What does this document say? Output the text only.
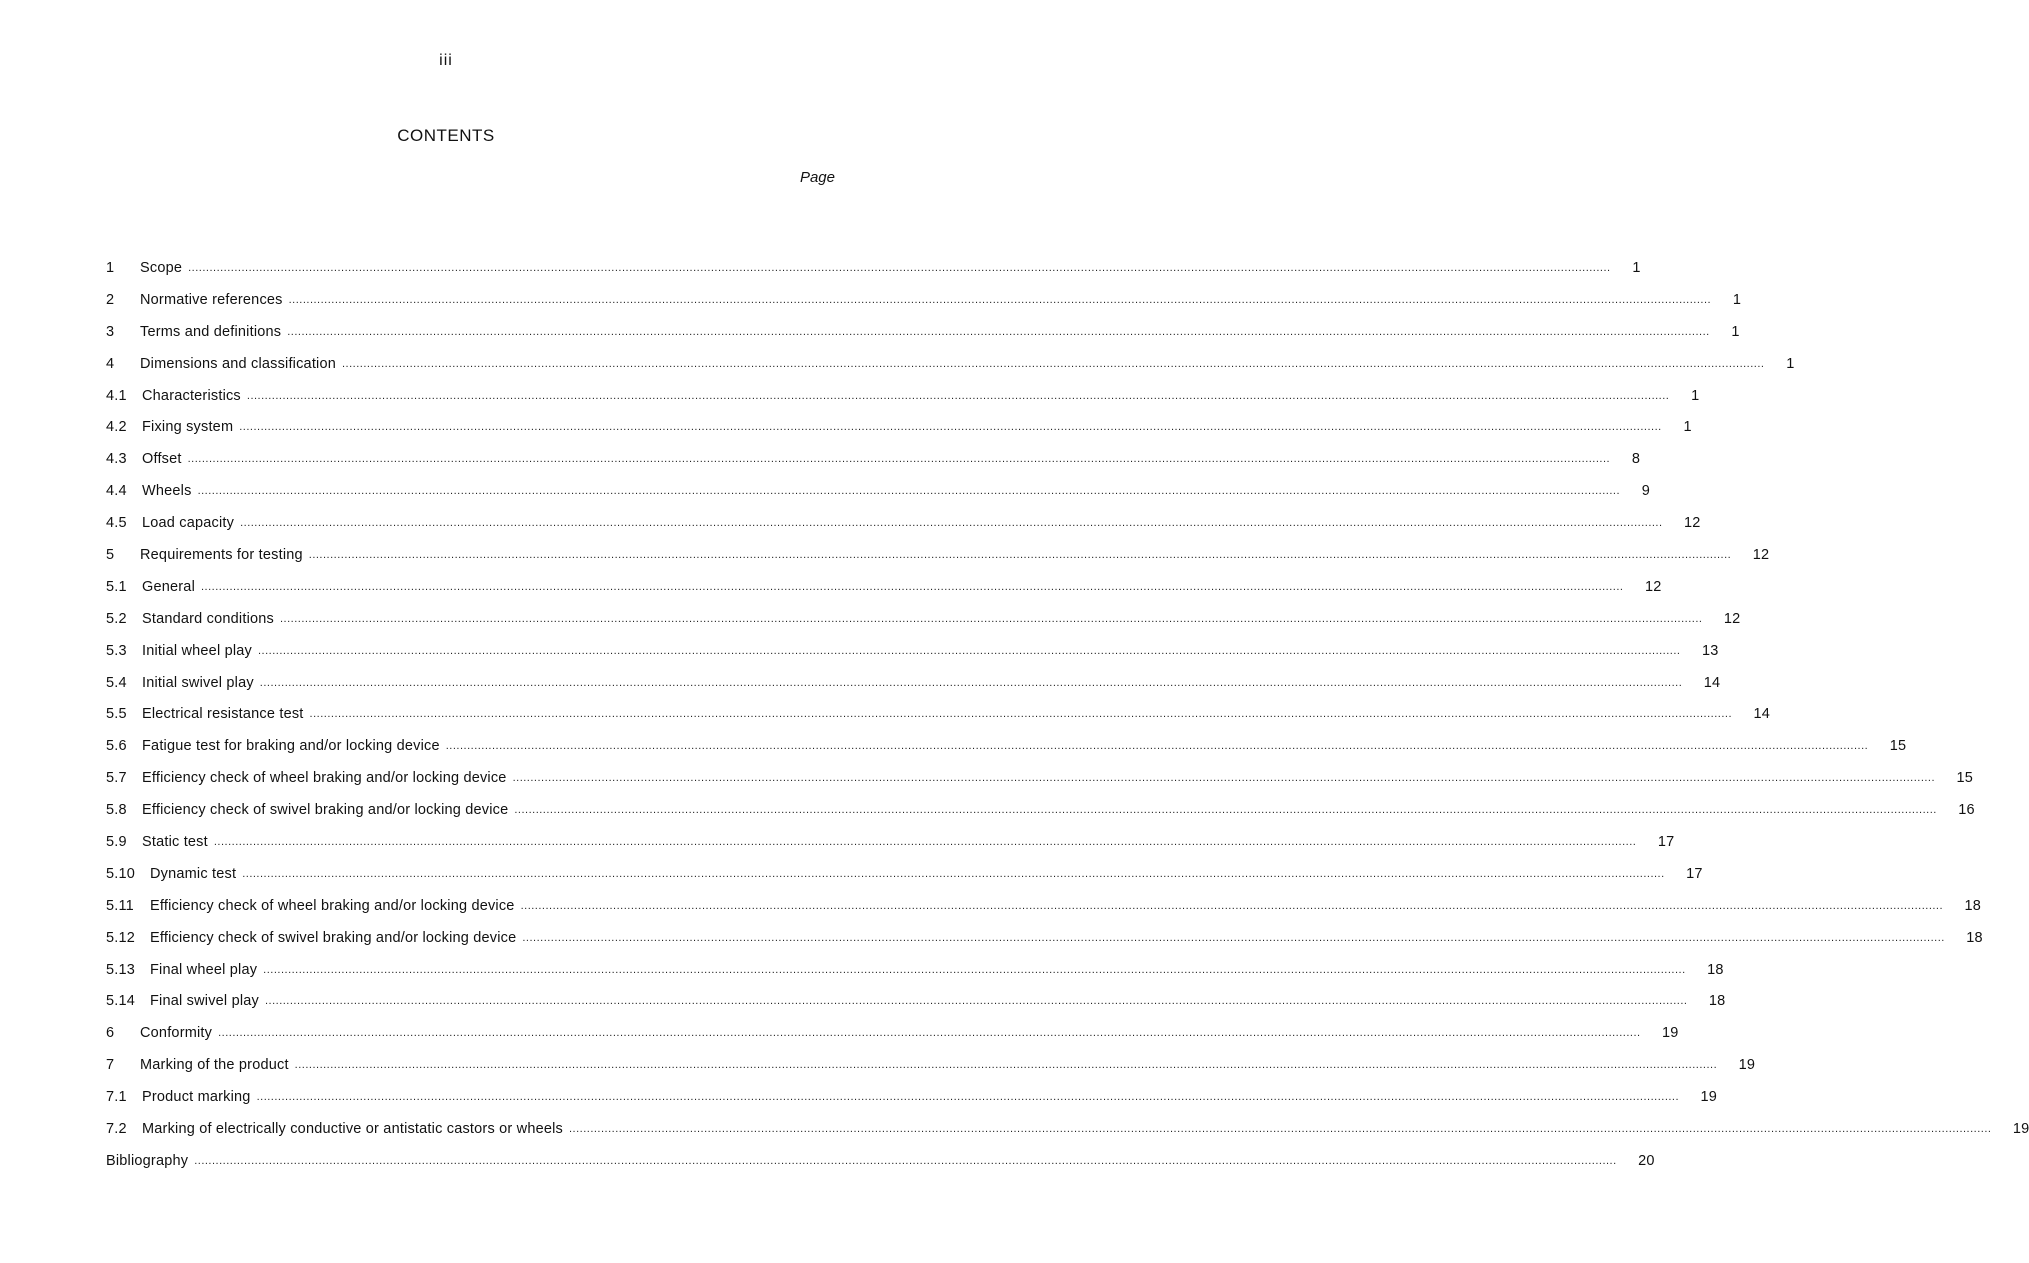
iii
CONTENTS
Page
1	Scope ................................................................................................................................................................................................................................................................................................................................................................................................................	1
2	Normative references ................................................................................................................................................................................................................................................................................................................................................................................................................	1
3	Terms and definitions ................................................................................................................................................................................................................................................................................................................................................................................................................	1
4	Dimensions and classification ................................................................................................................................................................................................................................................................................................................................................................................................................	1
4.1	Characteristics ................................................................................................................................................................................................................................................................................................................................................................................................................	1
4.2	Fixing system ................................................................................................................................................................................................................................................................................................................................................................................................................	1
4.3	Offset ................................................................................................................................................................................................................................................................................................................................................................................................................	8
4.4	Wheels ................................................................................................................................................................................................................................................................................................................................................................................................................	9
4.5	Load capacity ................................................................................................................................................................................................................................................................................................................................................................................................................	12
5	Requirements for testing ................................................................................................................................................................................................................................................................................................................................................................................................................	12
5.1	General ................................................................................................................................................................................................................................................................................................................................................................................................................	12
5.2	Standard conditions ................................................................................................................................................................................................................................................................................................................................................................................................................	12
5.3	Initial wheel play ................................................................................................................................................................................................................................................................................................................................................................................................................	13
5.4	Initial swivel play ................................................................................................................................................................................................................................................................................................................................................................................................................	14
5.5	Electrical resistance test ................................................................................................................................................................................................................................................................................................................................................................................................................	14
5.6	Fatigue test for braking and/or locking device ................................................................................................................................................................................................................................................................................................................................................................................................................	15
5.7	Efficiency check of wheel braking and/or locking device ................................................................................................................................................................................................................................................................................................................................................................................................................	15
5.8	Efficiency check of swivel braking and/or locking device ................................................................................................................................................................................................................................................................................................................................................................................................................	16
5.9	Static test ................................................................................................................................................................................................................................................................................................................................................................................................................	17
5.10	Dynamic test ................................................................................................................................................................................................................................................................................................................................................................................................................	17
5.11	Efficiency check of wheel braking and/or locking device ................................................................................................................................................................................................................................................................................................................................................................................................................	18
5.12	Efficiency check of swivel braking and/or locking device ................................................................................................................................................................................................................................................................................................................................................................................................................	18
5.13	Final wheel play ................................................................................................................................................................................................................................................................................................................................................................................................................	18
5.14	Final swivel play ................................................................................................................................................................................................................................................................................................................................................................................................................	18
6	Conformity ................................................................................................................................................................................................................................................................................................................................................................................................................	19
7	Marking of the product ................................................................................................................................................................................................................................................................................................................................................................................................................	19
7.1	Product marking ................................................................................................................................................................................................................................................................................................................................................................................................................	19
7.2	Marking of electrically conductive or antistatic castors or wheels ................................................................................................................................................................................................................................................................................................................................................................................................................	19
Bibliography ................................................................................................................................................................................................................................................................................................................................................................................................................	20
